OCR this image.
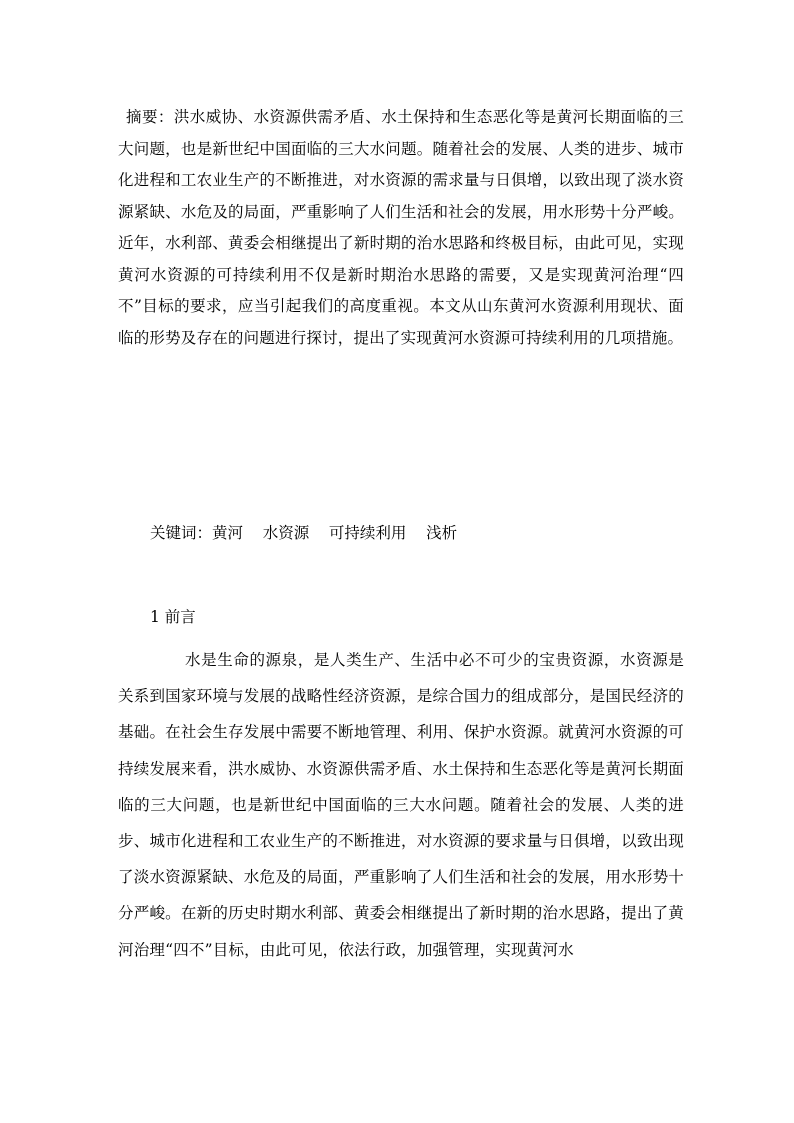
摘要：洪水威协、水资源供需矛盾、水土保持和生态恶化等是黄河长期面临的三大问题，也是新世纪中国面临的三大水问题。随着社会的发展、人类的进步、城市化进程和工农业生产的不断推进，对水资源的需求量与日俱增，以致出现了淡水资源紧缺、水危及的局面，严重影响了人们生活和社会的发展，用水形势十分严峻。近年，水利部、黄委会相继提出了新时期的治水思路和终极目标，由此可见，实现黄河水资源的可持续利用不仅是新时期治水思路的需要，又是实现黄河治理“四不”目标的要求，应当引起我们的高度重视。本文从山东黄河水资源利用现状、面临的形势及存在的问题进行探讨，提出了实现黄河水资源可持续利用的几项措施。

关键词：黄河    水资源    可持续利用    浅析

1 前言

水是生命的源泉，是人类生产、生活中必不可少的宝贵资源，水资源是关系到国家环境与发展的战略性经济资源，是综合国力的组成部分，是国民经济的基础。在社会生存发展中需要不断地管理、利用、保护水资源。就黄河水资源的可持续发展来看，洪水威协、水资源供需矛盾、水土保持和生态恶化等是黄河长期面临的三大问题，也是新世纪中国面临的三大水问题。随着社会的发展、人类的进步、城市化进程和工农业生产的不断推进，对水资源的要求量与日俱增，以致出现了淡水资源紧缺、水危及的局面，严重影响了人们生活和社会的发展，用水形势十分严峻。在新的历史时期水利部、黄委会相继提出了新时期的治水思路，提出了黄河治理“四不”目标，由此可见，依法行政，加强管理，实现黄河水
